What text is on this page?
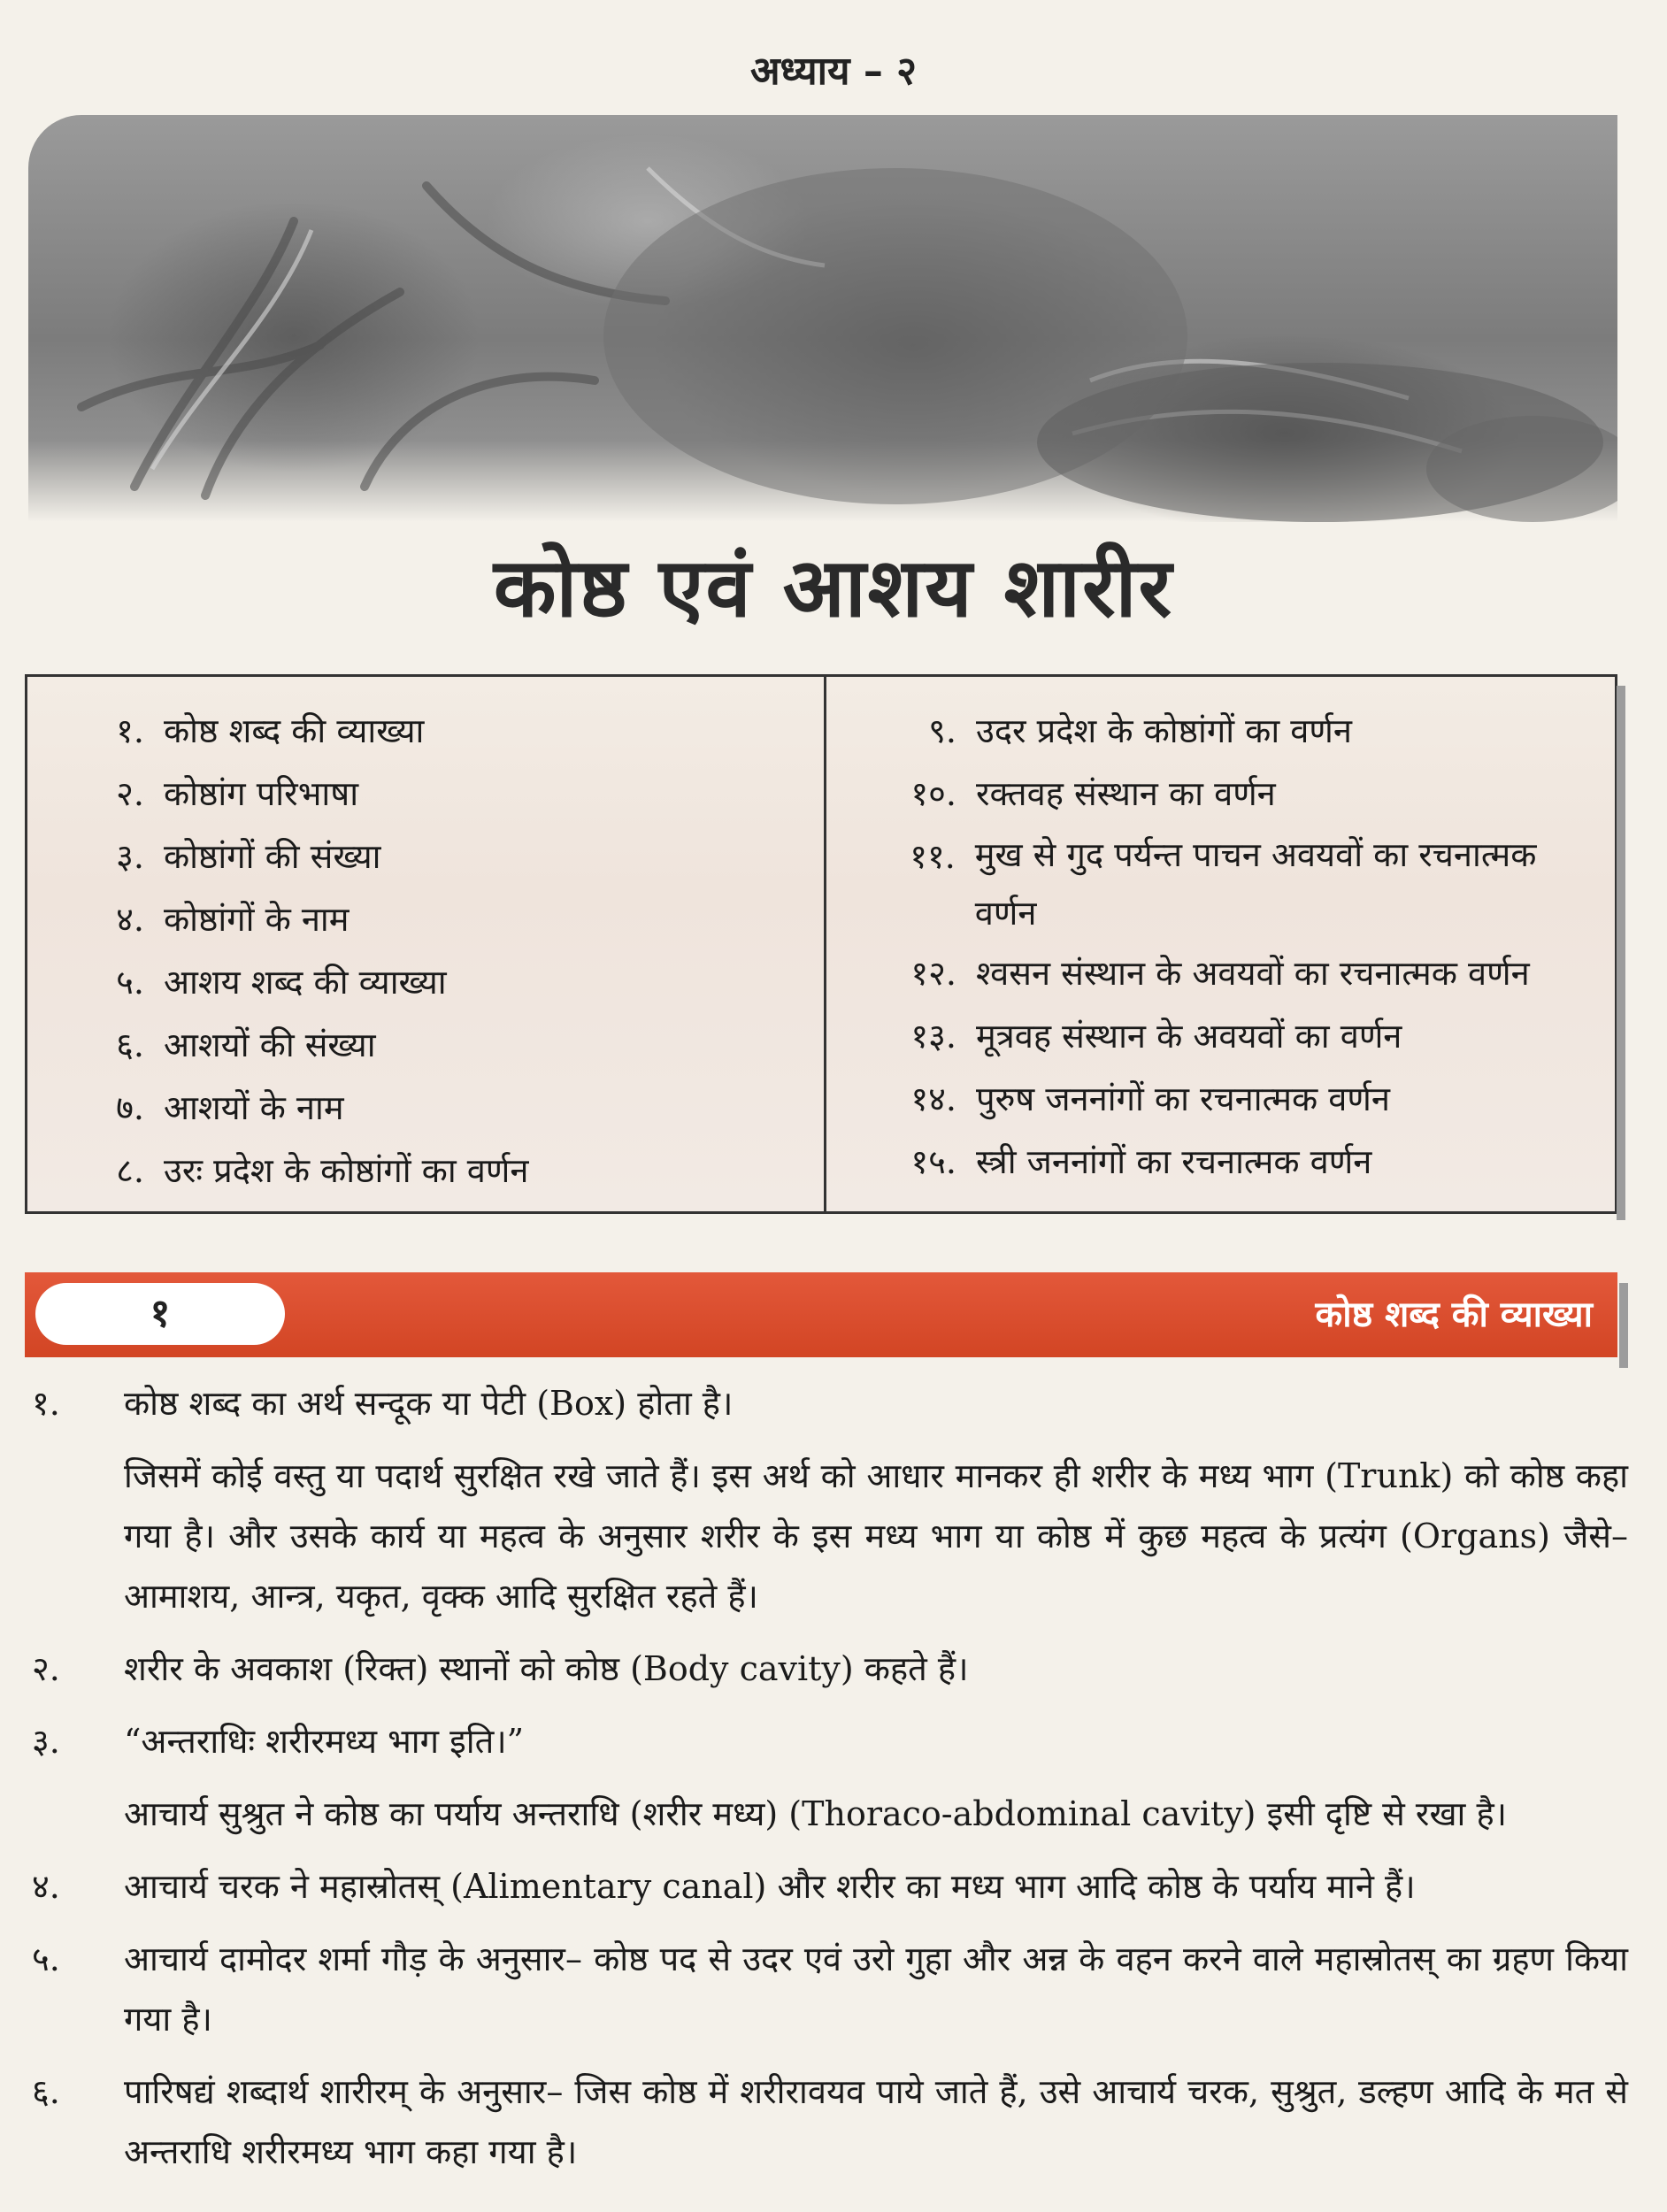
अध्याय – २
कोष्ठ एवं आशय शारीर
१. कोष्ठ शब्द की व्याख्या
२. कोष्ठांग परिभाषा
३. कोष्ठांगों की संख्या
४. कोष्ठांगों के नाम
५. आशय शब्द की व्याख्या
६. आशयों की संख्या
७. आशयों के नाम
८. उरः प्रदेश के कोष्ठांगों का वर्णन
९. उदर प्रदेश के कोष्ठांगों का वर्णन
१०. रक्तवह संस्थान का वर्णन
११. मुख से गुद पर्यन्त पाचन अवयवों का रचनात्मक वर्णन
१२. श्वसन संस्थान के अवयवों का रचनात्मक वर्णन
१३. मूत्रवह संस्थान के अवयवों का वर्णन
१४. पुरुष जननांगों का रचनात्मक वर्णन
१५. स्त्री जननांगों का रचनात्मक वर्णन
१	कोष्ठ शब्द की व्याख्या
१.	कोष्ठ शब्द का अर्थ सन्दूक या पेटी (Box) होता है।

जिसमें कोई वस्तु या पदार्थ सुरक्षित रखे जाते हैं। इस अर्थ को आधार मानकर ही शरीर के मध्य भाग (Trunk) को कोष्ठ कहा गया है। और उसके कार्य या महत्व के अनुसार शरीर के इस मध्य भाग या कोष्ठ में कुछ महत्व के प्रत्यंग (Organs) जैसे– आमाशय, आन्त्र, यकृत, वृक्क आदि सुरक्षित रहते हैं।

२.	शरीर के अवकाश (रिक्त) स्थानों को कोष्ठ (Body cavity) कहते हैं।

३.	“अन्तराधिः शरीरमध्य भाग इति।”

आचार्य सुश्रुत ने कोष्ठ का पर्याय अन्तराधि (शरीर मध्य) (Thoraco-abdominal cavity) इसी दृष्टि से रखा है।

४.	आचार्य चरक ने महास्रोतस् (Alimentary canal) और शरीर का मध्य भाग आदि कोष्ठ के पर्याय माने हैं।

५.	आचार्य दामोदर शर्मा गौड़ के अनुसार– कोष्ठ पद से उदर एवं उरो गुहा और अन्न के वहन करने वाले महास्रोतस् का ग्रहण किया गया है।

६.	पारिषद्यं शब्दार्थ शारीरम् के अनुसार– जिस कोष्ठ में शरीरावयव पाये जाते हैं, उसे आचार्य चरक, सुश्रुत, डल्हण आदि के मत से अन्तराधि शरीरमध्य भाग कहा गया है।
